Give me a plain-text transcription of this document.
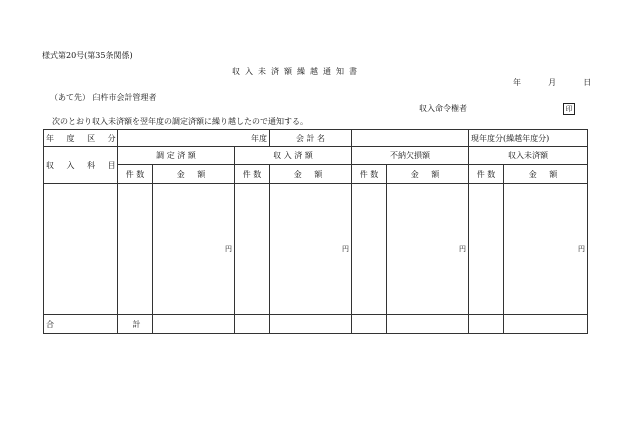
様式第20号(第35条関係)
収入未済額繰越通知書
年	月	日
（あて先） 臼杵市会計管理者
収入命令権者	印
次のとおり収入未済額を翌年度の調定済額に繰り越したので通知する。
年 度 区 分	年度			会 計 名			現年度分(繰越年度分)	
収 入 科 目	調 定 済 額		収 入 済 額		不納欠損額		収入未済額	
	件 数	金 額	件 数	金 額	件 数	金 額	件 数	金 額
		円		円		円		円
合 計								
